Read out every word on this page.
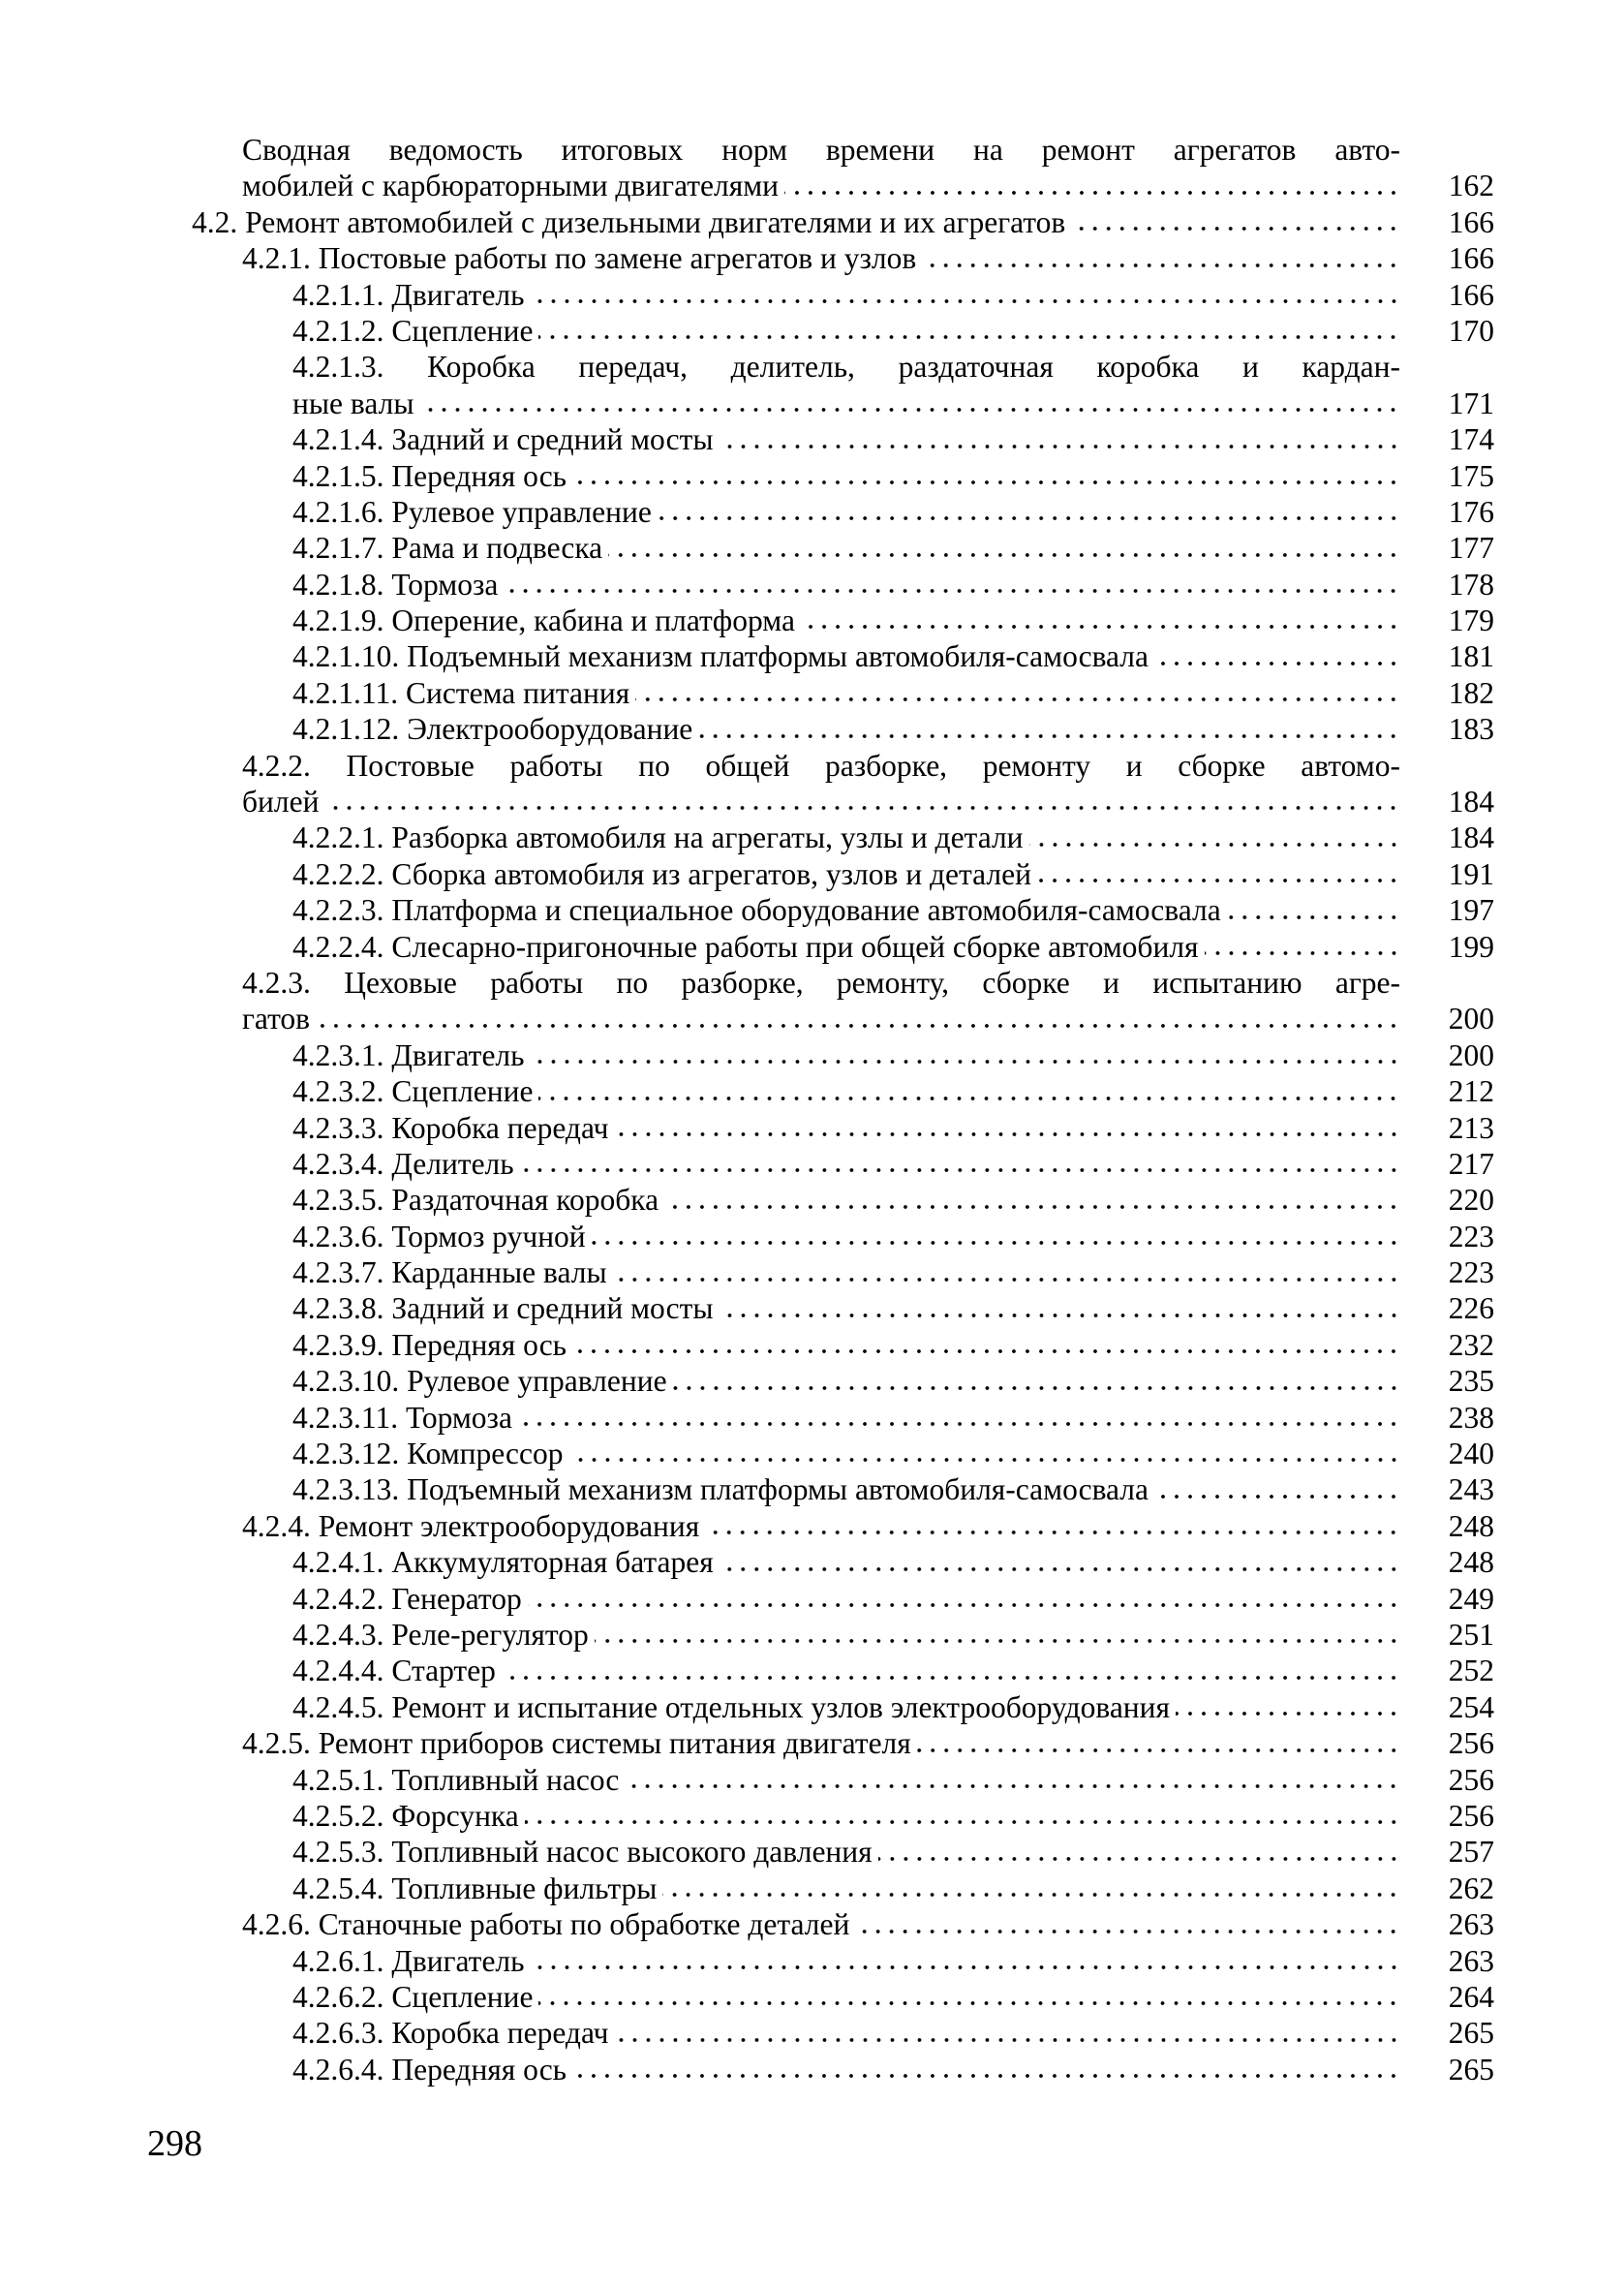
Сводная ведомость итоговых норм времени на ремонт агрегатов авто-
мобилей с карбюраторными двигателями	162
4.2. Ремонт автомобилей с дизельными двигателями и их агрегатов	166
4.2.1. Постовые работы по замене агрегатов и узлов	166
4.2.1.1. Двигатель	166
4.2.1.2. Сцепление	170
4.2.1.3. Коробка передач, делитель, раздаточная коробка и кардан-
ные валы	171
4.2.1.4. Задний и средний мосты	174
4.2.1.5. Передняя ось	175
4.2.1.6. Рулевое управление	176
4.2.1.7. Рама и подвеска	177
4.2.1.8. Тормоза	178
4.2.1.9. Оперение, кабина и платформа	179
4.2.1.10. Подъемный механизм платформы автомобиля-самосвала	181
4.2.1.11. Система питания	182
4.2.1.12. Электрооборудование	183
4.2.2. Постовые работы по общей разборке, ремонту и сборке автомо-
билей	184
4.2.2.1. Разборка автомобиля на агрегаты, узлы и детали	184
4.2.2.2. Сборка автомобиля из агрегатов, узлов и деталей	191
4.2.2.3. Платформа и специальное оборудование автомобиля-самосвала	197
4.2.2.4. Слесарно-пригоночные работы при общей сборке автомобиля	199
4.2.3. Цеховые работы по разборке, ремонту, сборке и испытанию агре-
гатов	200
4.2.3.1. Двигатель	200
4.2.3.2. Сцепление	212
4.2.3.3. Коробка передач	213
4.2.3.4. Делитель	217
4.2.3.5. Раздаточная коробка	220
4.2.3.6. Тормоз ручной	223
4.2.3.7. Карданные валы	223
4.2.3.8. Задний и средний мосты	226
4.2.3.9. Передняя ось	232
4.2.3.10. Рулевое управление	235
4.2.3.11. Тормоза	238
4.2.3.12. Компрессор	240
4.2.3.13. Подъемный механизм платформы автомобиля-самосвала	243
4.2.4. Ремонт электрооборудования	248
4.2.4.1. Аккумуляторная батарея	248
4.2.4.2. Генератор	249
4.2.4.3. Реле-регулятор	251
4.2.4.4. Стартер	252
4.2.4.5. Ремонт и испытание отдельных узлов электрооборудования	254
4.2.5. Ремонт приборов системы питания двигателя	256
4.2.5.1. Топливный насос	256
4.2.5.2. Форсунка	256
4.2.5.3. Топливный насос высокого давления	257
4.2.5.4. Топливные фильтры	262
4.2.6. Станочные работы по обработке деталей	263
4.2.6.1. Двигатель	263
4.2.6.2. Сцепление	264
4.2.6.3. Коробка передач	265
4.2.6.4. Передняя ось	265
298
